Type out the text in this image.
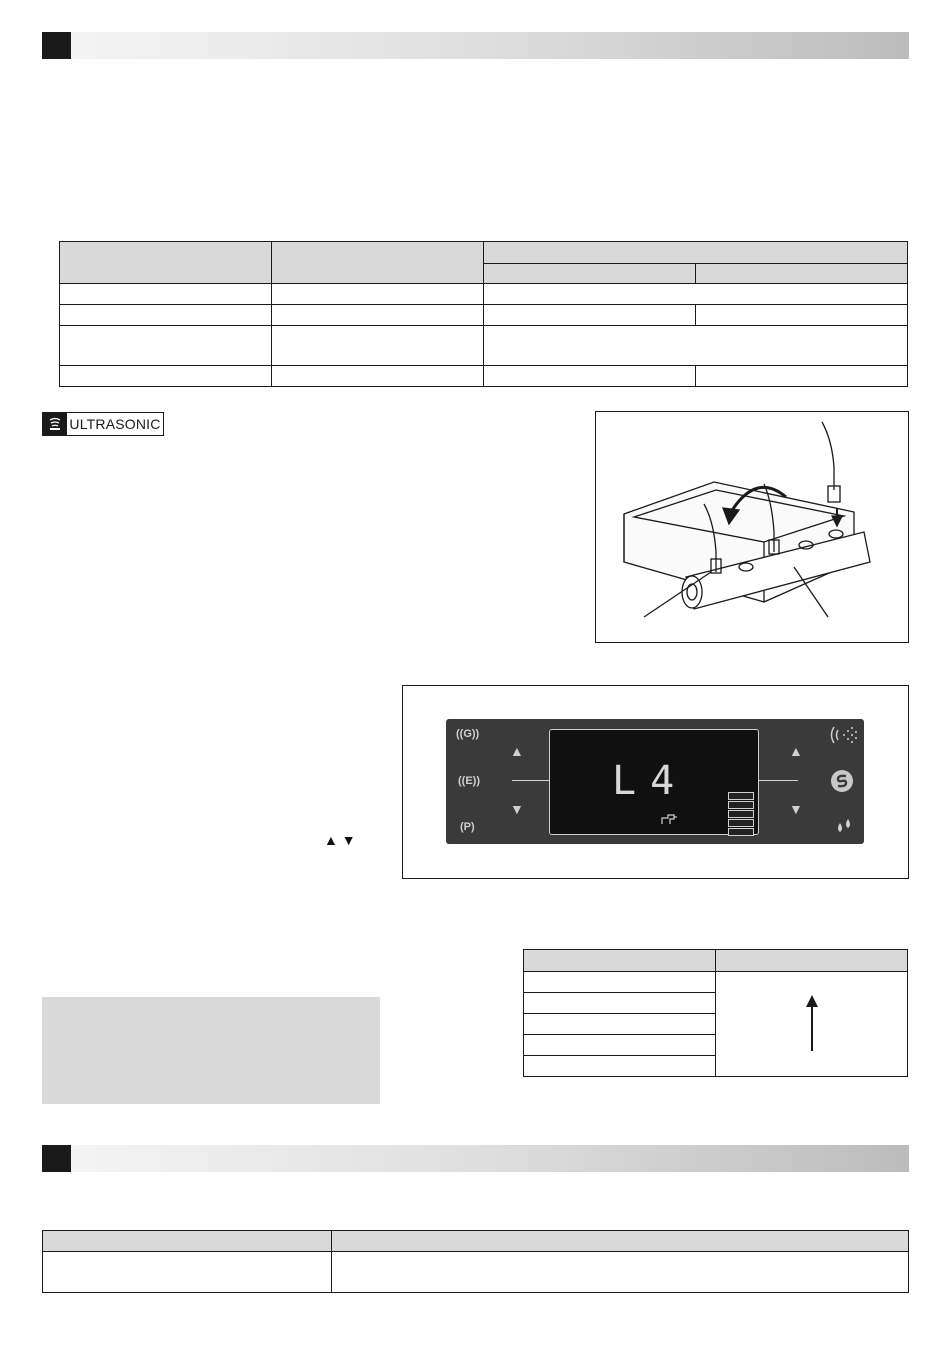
ULTRASONIC
((G))
((E))
(P)
▲
▼
L4
▲
▼
▲ ▼
